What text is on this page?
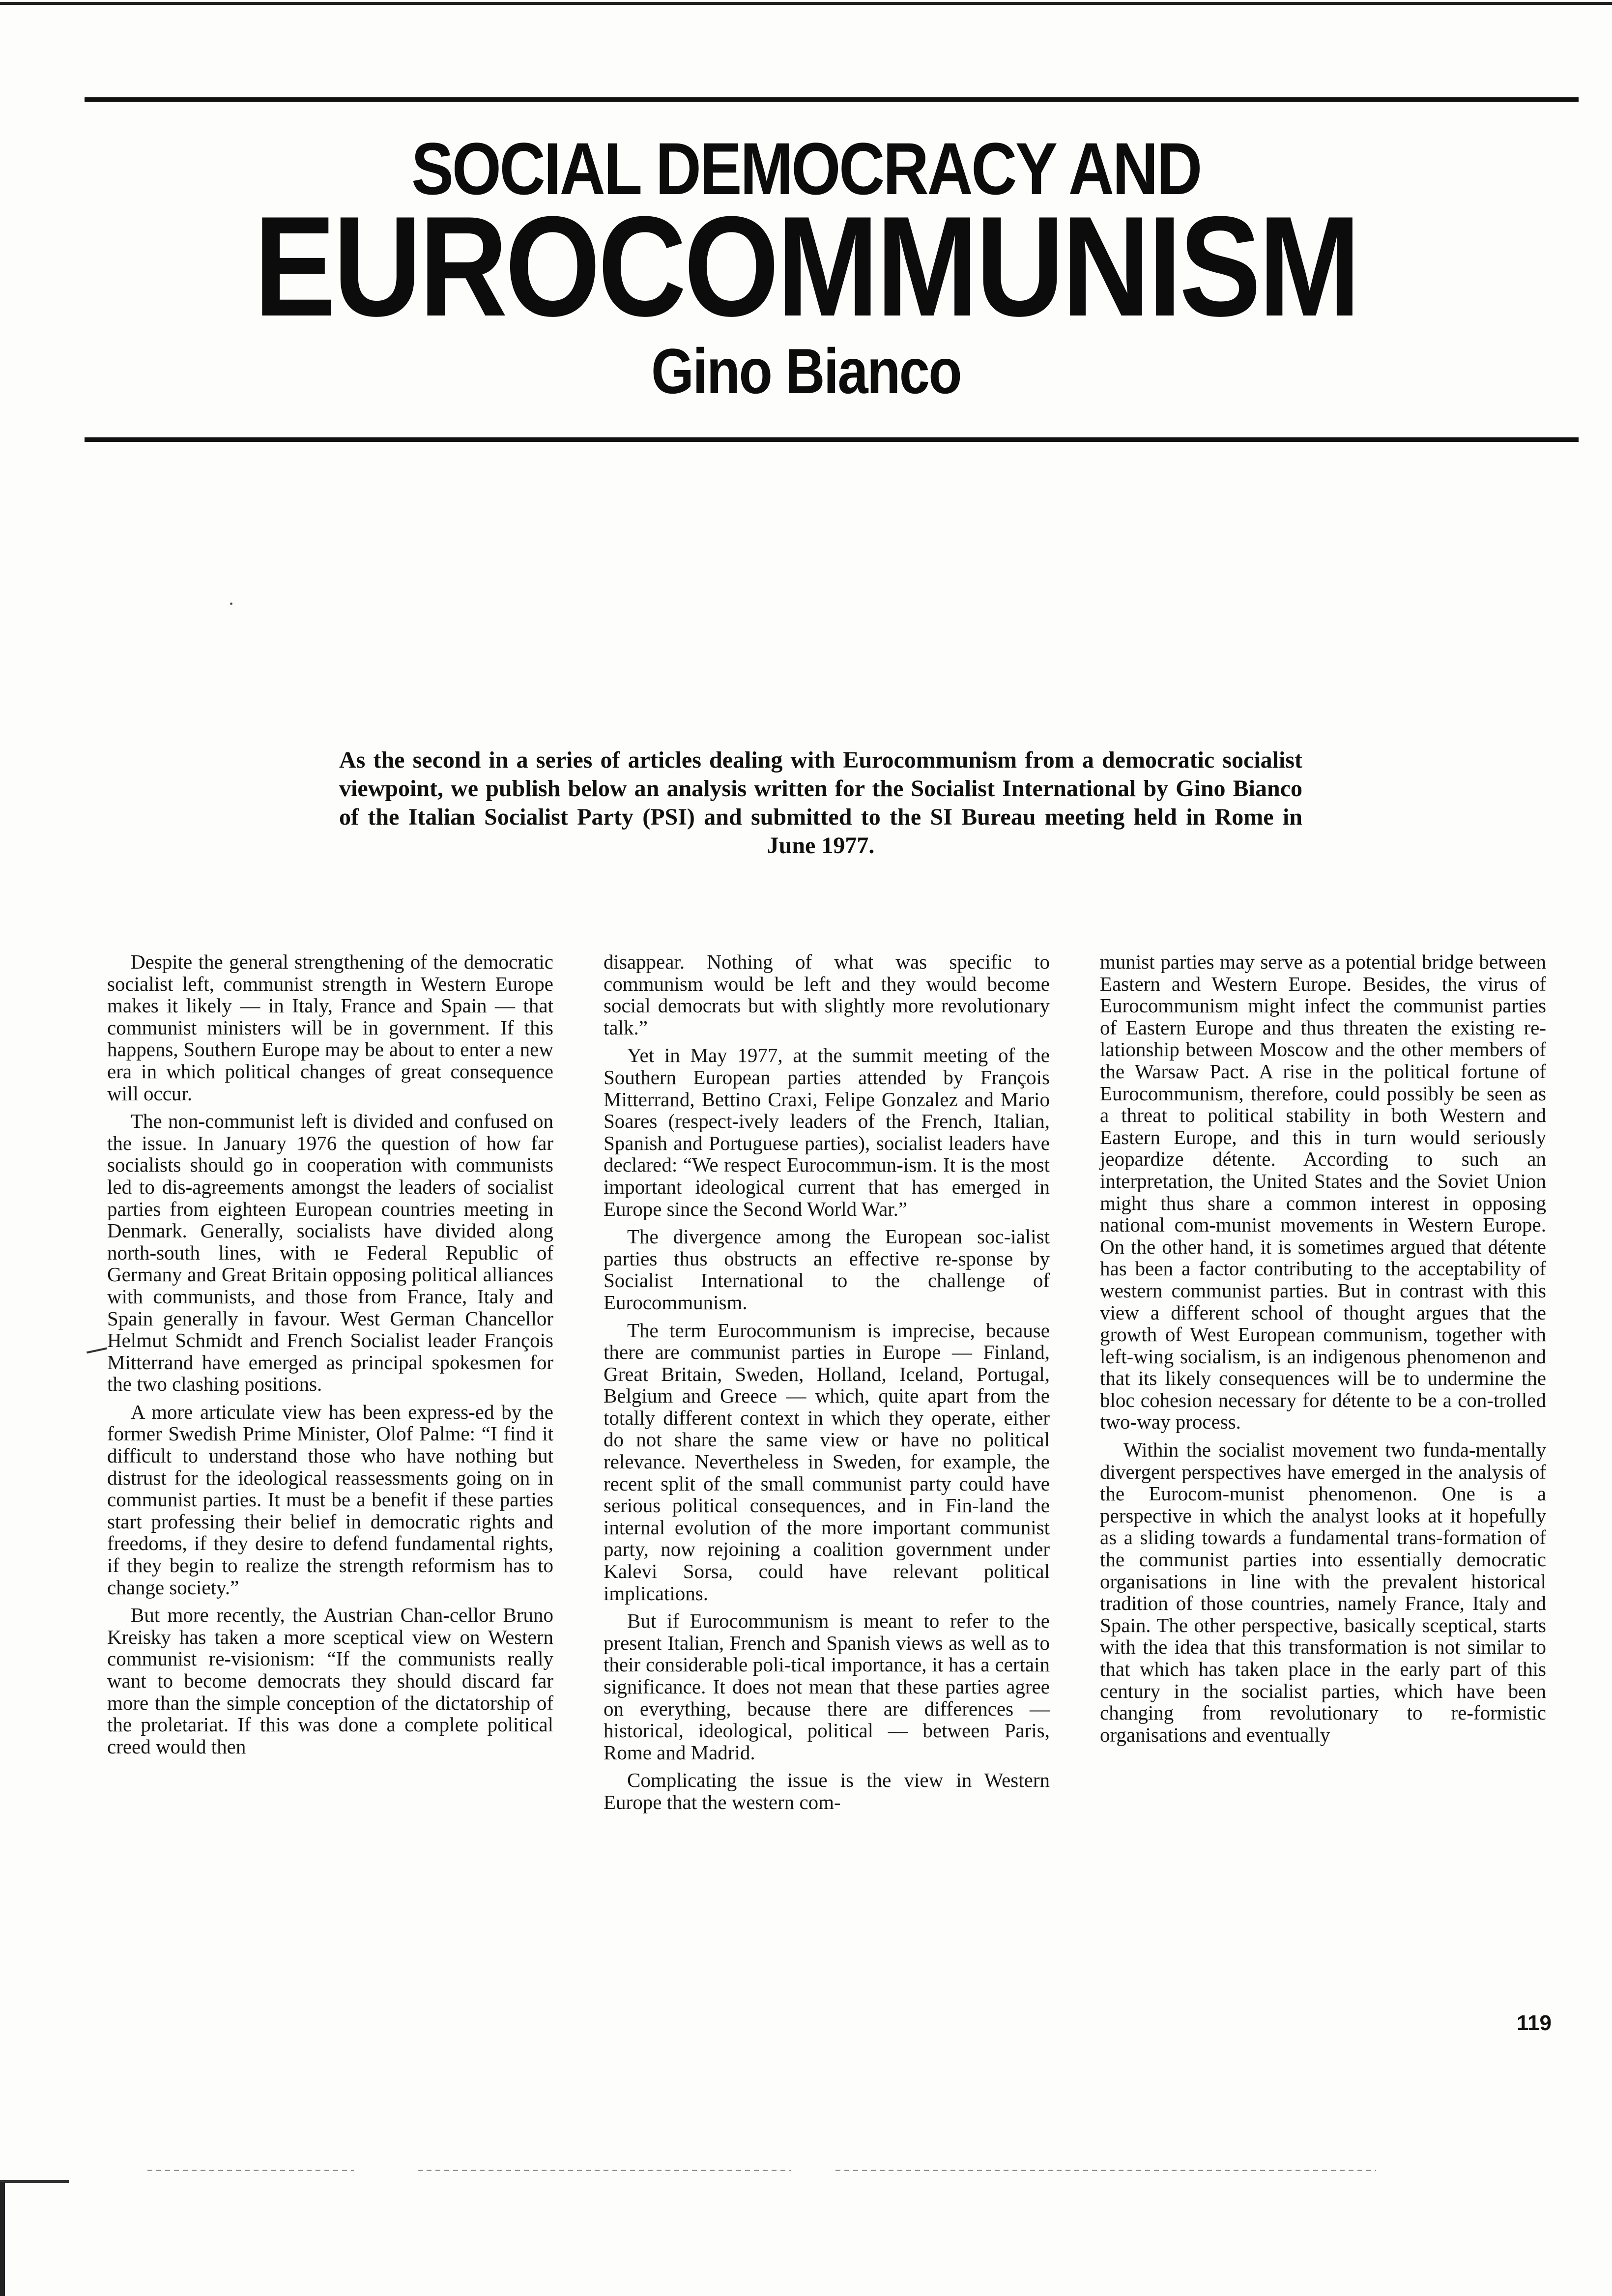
SOCIAL DEMOCRACY AND
EUROCOMMUNISM
Gino Bianco
As the second in a series of articles dealing with Eurocommunism from a democratic socialist viewpoint, we publish below an analysis written for the Socialist International by Gino Bianco of the Italian Socialist Party (PSI) and submitted to the SI Bureau meeting held in Rome in June 1977.

Despite the general strengthening of the democratic socialist left, communist strength in Western Europe makes it likely — in Italy, France and Spain — that communist ministers will be in government. If this happens, Southern Europe may be about to enter a new era in which political changes of great consequence will occur.

The non-communist left is divided and confused on the issue. In January 1976 the question of how far socialists should go in cooperation with communists led to dis-agreements amongst the leaders of socialist parties from eighteen European countries meeting in Denmark. Generally, socialists have divided along north-south lines, with ıe Federal Republic of Germany and Great Britain opposing political alliances with communists, and those from France, Italy and Spain generally in favour. West German Chancellor Helmut Schmidt and French Socialist leader François Mitterrand have emerged as principal spokesmen for the two clashing positions.

A more articulate view has been express-ed by the former Swedish Prime Minister, Olof Palme: “I find it difficult to understand those who have nothing but distrust for the ideological reassessments going on in communist parties. It must be a benefit if these parties start professing their belief in democratic rights and freedoms, if they desire to defend fundamental rights, if they begin to realize the strength reformism has to change society.”

But more recently, the Austrian Chan-cellor Bruno Kreisky has taken a more sceptical view on Western communist re-visionism: “If the communists really want to become democrats they should discard far more than the simple conception of the dictatorship of the proletariat. If this was done a complete political creed would then

disappear. Nothing of what was specific to communism would be left and they would become social democrats but with slightly more revolutionary talk.”

Yet in May 1977, at the summit meeting of the Southern European parties attended by François Mitterrand, Bettino Craxi, Felipe Gonzalez and Mario Soares (respect-ively leaders of the French, Italian, Spanish and Portuguese parties), socialist leaders have declared: “We respect Eurocommun-ism. It is the most important ideological current that has emerged in Europe since the Second World War.”

The divergence among the European soc-ialist parties thus obstructs an effective re-sponse by Socialist International to the challenge of Eurocommunism.

The term Eurocommunism is imprecise, because there are communist parties in Europe — Finland, Great Britain, Sweden, Holland, Iceland, Portugal, Belgium and Greece — which, quite apart from the totally different context in which they operate, either do not share the same view or have no political relevance. Nevertheless in Sweden, for example, the recent split of the small communist party could have serious political consequences, and in Fin-land the internal evolution of the more important communist party, now rejoining a coalition government under Kalevi Sorsa, could have relevant political implications.

But if Eurocommunism is meant to refer to the present Italian, French and Spanish views as well as to their considerable poli-tical importance, it has a certain significance. It does not mean that these parties agree on everything, because there are differences — historical, ideological, political — between Paris, Rome and Madrid.

Complicating the issue is the view in Western Europe that the western com-

munist parties may serve as a potential bridge between Eastern and Western Europe. Besides, the virus of Eurocommunism might infect the communist parties of Eastern Europe and thus threaten the existing re-lationship between Moscow and the other members of the Warsaw Pact. A rise in the political fortune of Eurocommunism, therefore, could possibly be seen as a threat to political stability in both Western and Eastern Europe, and this in turn would seriously jeopardize détente. According to such an interpretation, the United States and the Soviet Union might thus share a common interest in opposing national com-munist movements in Western Europe. On the other hand, it is sometimes argued that détente has been a factor contributing to the acceptability of western communist parties. But in contrast with this view a different school of thought argues that the growth of West European communism, together with left-wing socialism, is an indigenous phenomenon and that its likely consequences will be to undermine the bloc cohesion necessary for détente to be a con-trolled two-way process.

Within the socialist movement two funda-mentally divergent perspectives have emerged in the analysis of the Eurocom-munist phenomenon. One is a perspective in which the analyst looks at it hopefully as a sliding towards a fundamental trans-formation of the communist parties into essentially democratic organisations in line with the prevalent historical tradition of those countries, namely France, Italy and Spain. The other perspective, basically sceptical, starts with the idea that this transformation is not similar to that which has taken place in the early part of this century in the socialist parties, which have been changing from revolutionary to re-formistic organisations and eventually

119
